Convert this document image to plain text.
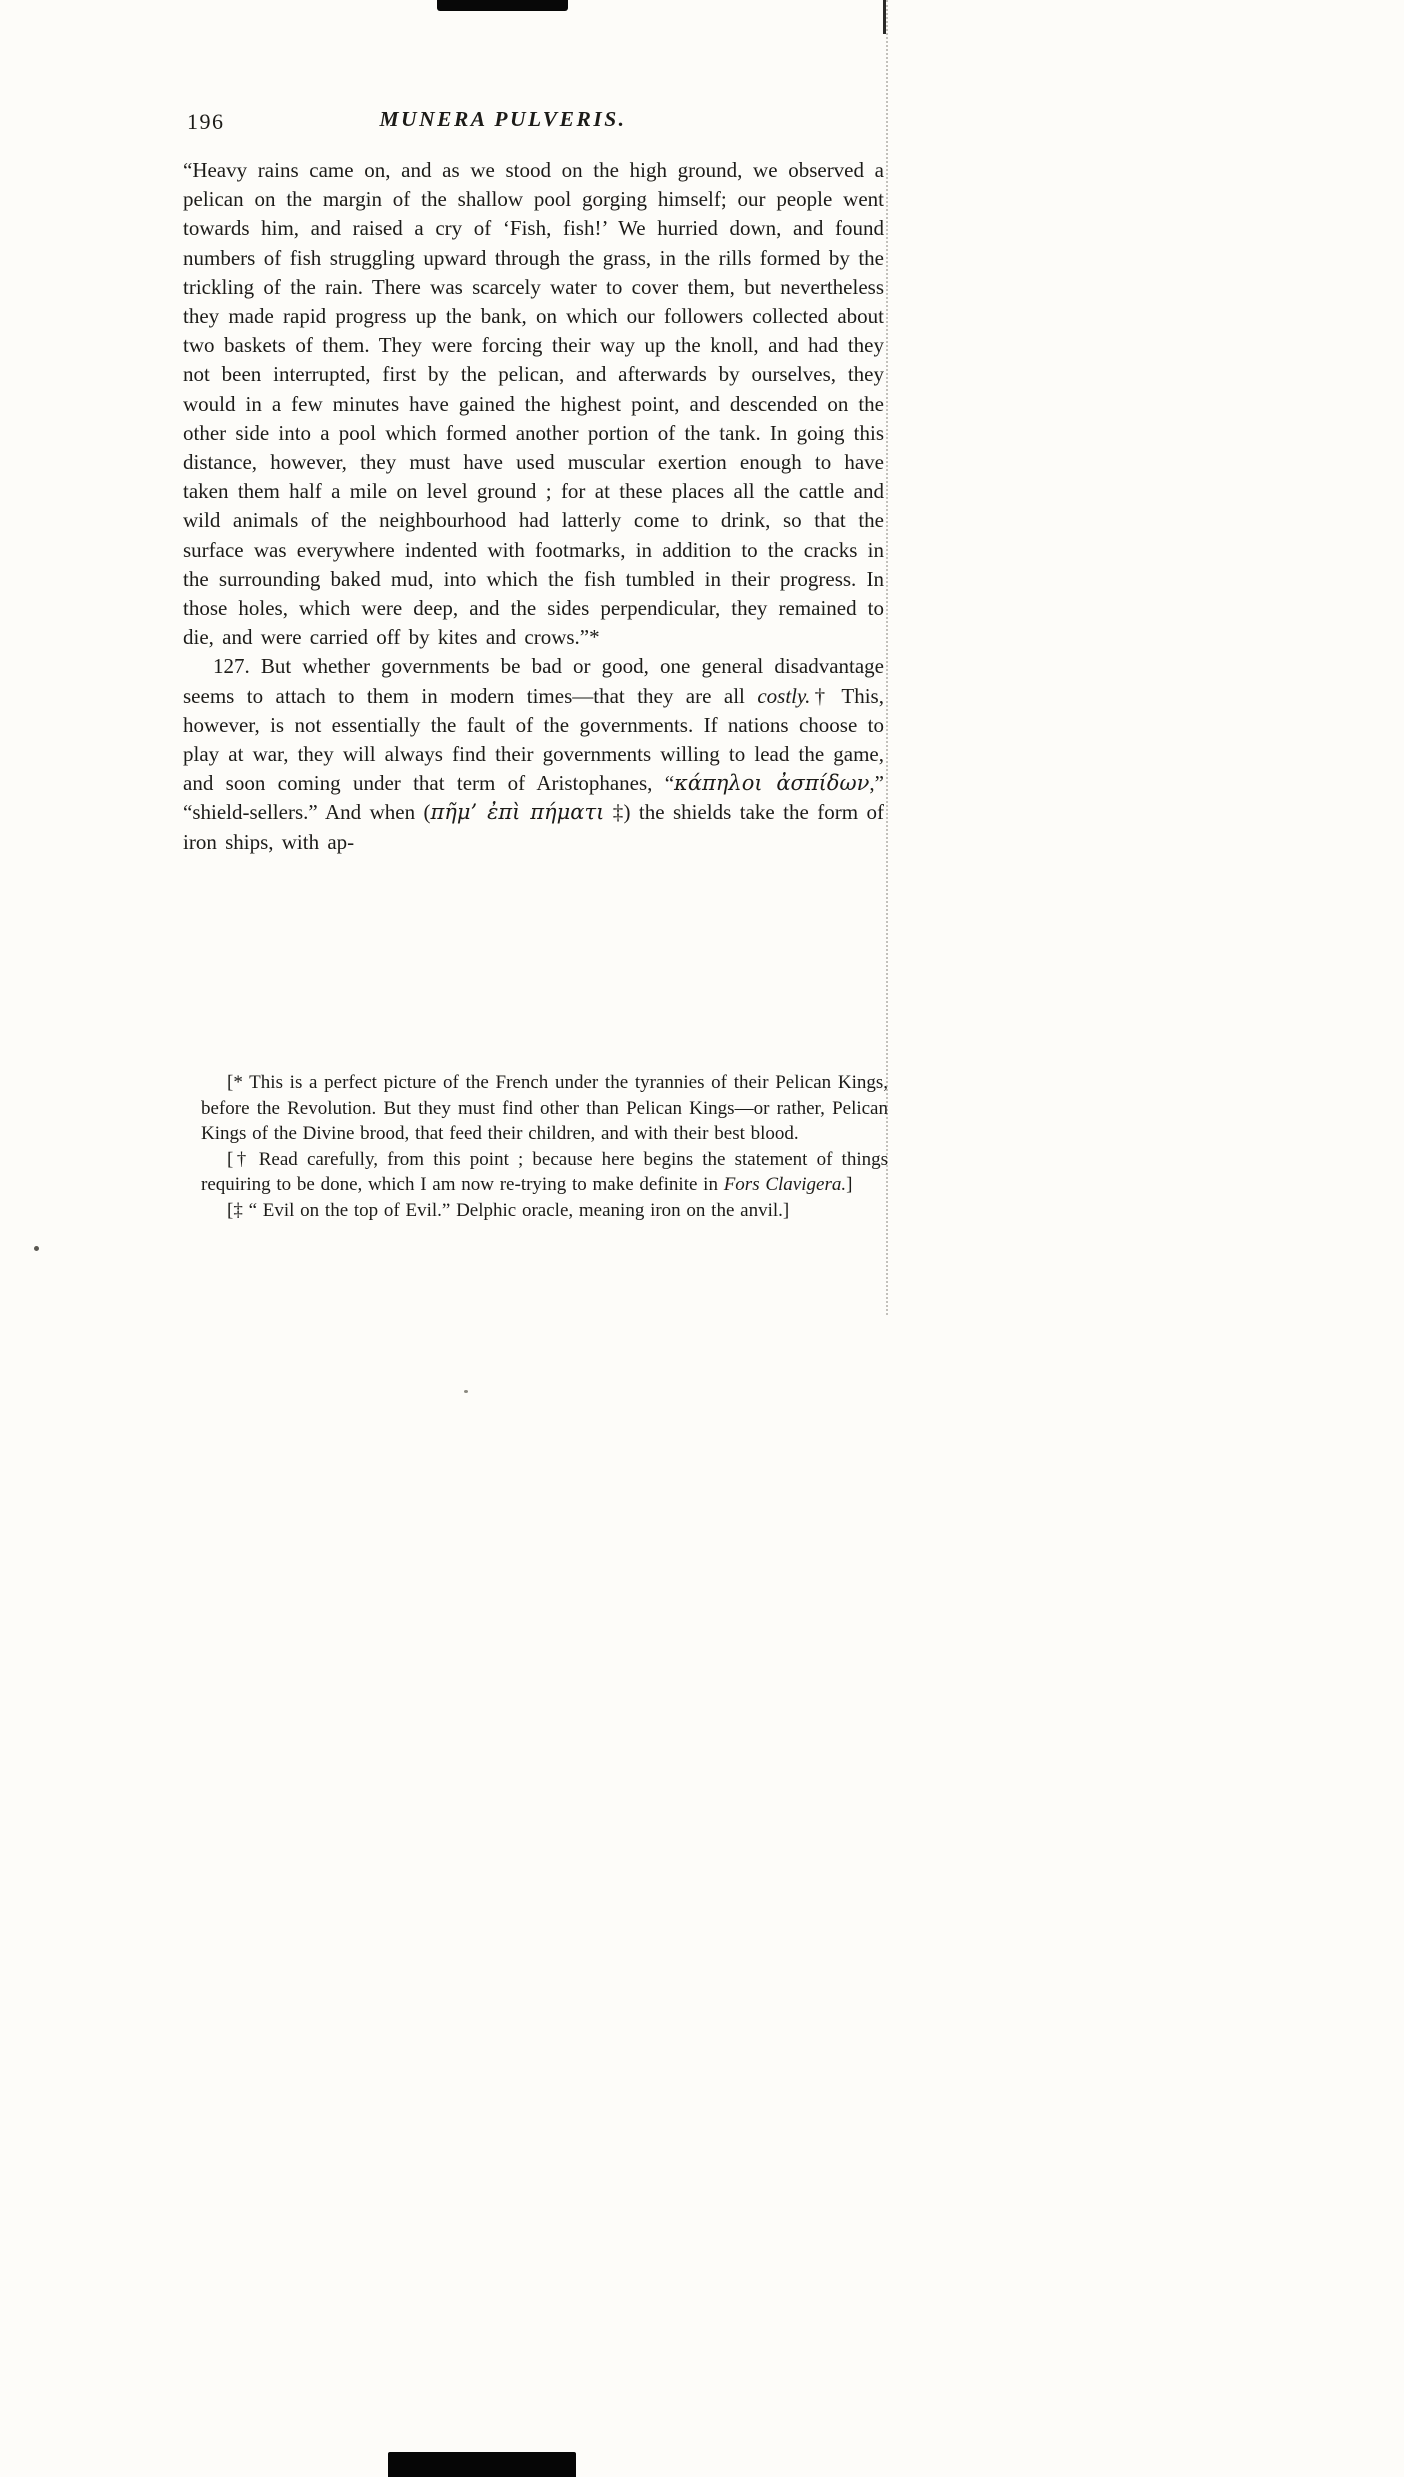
196	MUNERA PULVERIS.

“Heavy rains came on, and as we stood on the high ground, we observed a pelican on the margin of the shallow pool gorging himself; our people went towards him, and raised a cry of ‘Fish, fish!’ We hurried down, and found numbers of fish struggling upward through the grass, in the rills formed by the trickling of the rain. There was scarcely water to cover them, but nevertheless they made rapid progress up the bank, on which our followers collected about two baskets of them. They were forcing their way up the knoll, and had they not been interrupted, first by the pelican, and afterwards by ourselves, they would in a few minutes have gained the highest point, and descended on the other side into a pool which formed another portion of the tank. In going this distance, however, they must have used muscular exertion enough to have taken them half a mile on level ground ; for at these places all the cattle and wild animals of the neighbourhood had latterly come to drink, so that the surface was everywhere indented with footmarks, in addition to the cracks in the surrounding baked mud, into which the fish tumbled in their progress. In those holes, which were deep, and the sides perpendicular, they remained to die, and were carried off by kites and crows.”*

127. But whether governments be bad or good, one general disadvantage seems to attach to them in modern times—that they are all costly.† This, however, is not essentially the fault of the governments. If nations choose to play at war, they will always find their governments willing to lead the game, and soon coming under that term of Aristophanes, “κάπηλοι ἀσπίδων,” “shield-sellers.” And when (πῆμ’ ἐπὶ πήματι ‡) the shields take the form of iron ships, with ap-

[* This is a perfect picture of the French under the tyrannies of their Pelican Kings, before the Revolution. But they must find other than Pelican Kings—or rather, Pelican Kings of the Divine brood, that feed their children, and with their best blood.

[† Read carefully, from this point ; because here begins the statement of things requiring to be done, which I am now re-trying to make definite in Fors Clavigera.]

[‡ “ Evil on the top of Evil.” Delphic oracle, meaning iron on the anvil.]
